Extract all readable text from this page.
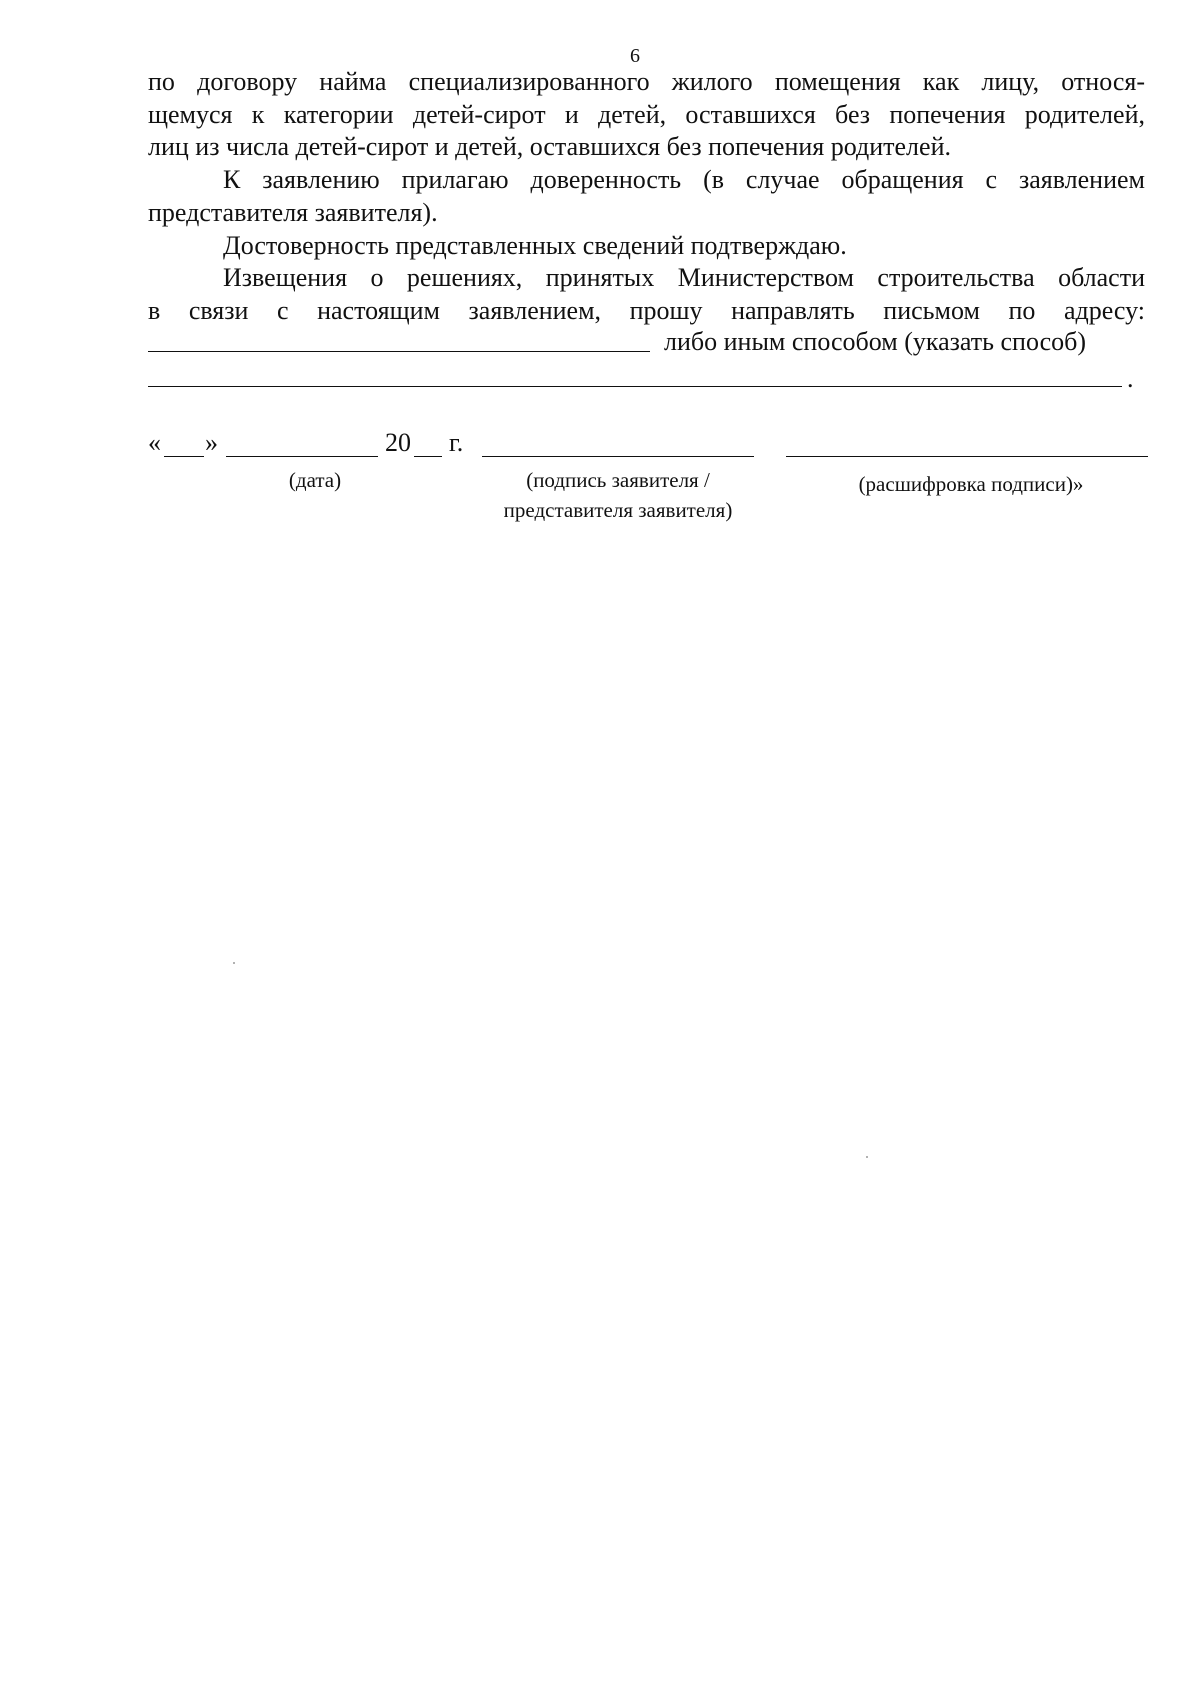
6
по договору найма специализированного жилого помещения как лицу, относя-
щемуся к категории детей-сирот и детей, оставшихся без попечения родителей,
лиц из числа детей-сирот и детей, оставшихся без попечения родителей.
К заявлению прилагаю доверенность (в случае обращения с заявлением
представителя заявителя).
Достоверность представленных сведений подтверждаю.
Извещения о решениях, принятых Министерством строительства области
в связи с настоящим заявлением, прошу направлять письмом по адресу:
либо иным способом (указать способ)
.
« »	20 г.
(дата)	(подпись заявителя /
представителя заявителя)
(расшифровка подписи)»
